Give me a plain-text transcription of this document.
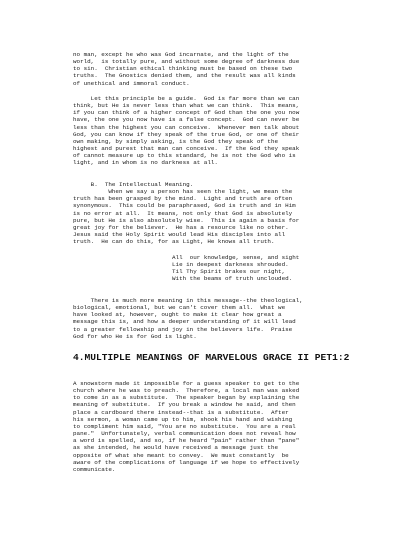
no man, except he who was God incarnate, and the light of the
world,  is totally pure, and without some degree of darkness due
to sin.  Christian ethical thinking must be based on these two
truths.  The Gnostics denied them, and the result was all kinds
of unethical and immoral conduct.
Let this principle be a guide.  God is far more than we can
think, but He is never less than what we can think.  This means,
if you can think of a higher concept of God than the one you now
have, the one you now have is a false concept.  God can never be
less than the highest you can conceive.  Whenever men talk about
God, you can know if they speak of the true God, or one of their
own making, by simply asking, is the God they speak of the
highest and purest that man can conceive.  If the God they speak
of cannot measure up to this standard, he is not the God who is
light, and in whom is no darkness at all.
B.  The Intellectual Meaning.
When we say a person has seen the light, we mean the
truth has been grasped by the mind.  Light and truth are often
synonymous.  This could be paraphrased, God is truth and in Him
is no error at all.  It means, not only that God is absolutely
pure, but He is also absolutely wise.  This is again a basis for
great joy for the believer.  He has a resource like no other.
Jesus said the Holy Spirit would lead His disciples into all
truth.  He can do this, for as Light, He knows all truth.
All  our knowledge, sense, and sight
Lie in deepest darkness shrouded.
Til Thy Spirit brakes our night,
With the beams of truth unclouded.
There is much more meaning in this message--the theological,
biological, emotional, but we can't cover them all.  What we
have looked at, however, ought to make it clear how great a
message this is, and how a deeper understanding of it will lead
to a greater fellowship and joy in the believers life.  Praise
God for who He is for God is light.
4.MULTIPLE MEANINGS OF MARVELOUS GRACE II PET1:2
A snowstorm made it impossible for a guess speaker to get to the
church where he was to preach.  Therefore, a local man was asked
to come in as a substitute.  The speaker began by explaining the
meaning of substitute.  If you break a window he said, and then
place a cardboard there instead--that is a substitute.  After
his sermon, a woman came up to him, shook his hand and wishing
to compliment him said, "You are no substitute.  You are a real
pane."  Unfortunately, verbal communication does not reveal how
a word is spelled, and so, if he heard "pain" rather than "pane"
as she intended, he would have received a message just the
opposite of what she meant to convey.  We must constantly  be
aware of the complications of language if we hope to effectively
communicate.
